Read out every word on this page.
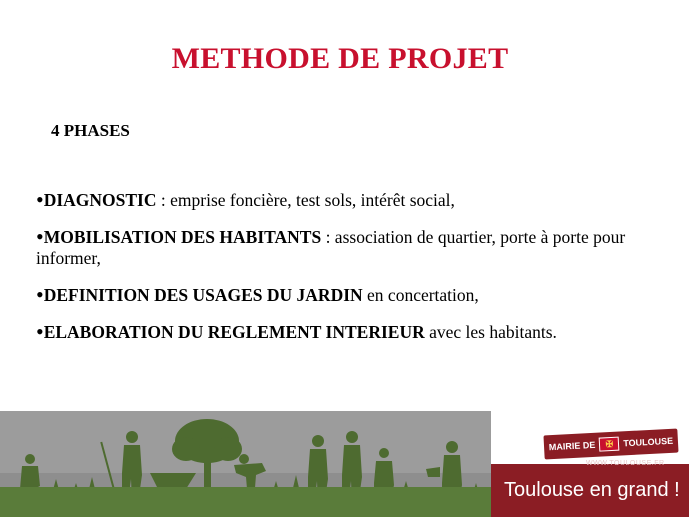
METHODE DE PROJET
4 PHASES
•DIAGNOSTIC : emprise foncière, test sols, intérêt social,
•MOBILISATION DES HABITANTS : association de quartier, porte à porte pour informer,
•DEFINITION DES USAGES DU JARDIN en concertation,
•ELABORATION DU REGLEMENT INTERIEUR avec les habitants.
MAIRIE DE	✠	TOULOUSE
WWW.TOULOUSE.FR
Toulouse en grand !
